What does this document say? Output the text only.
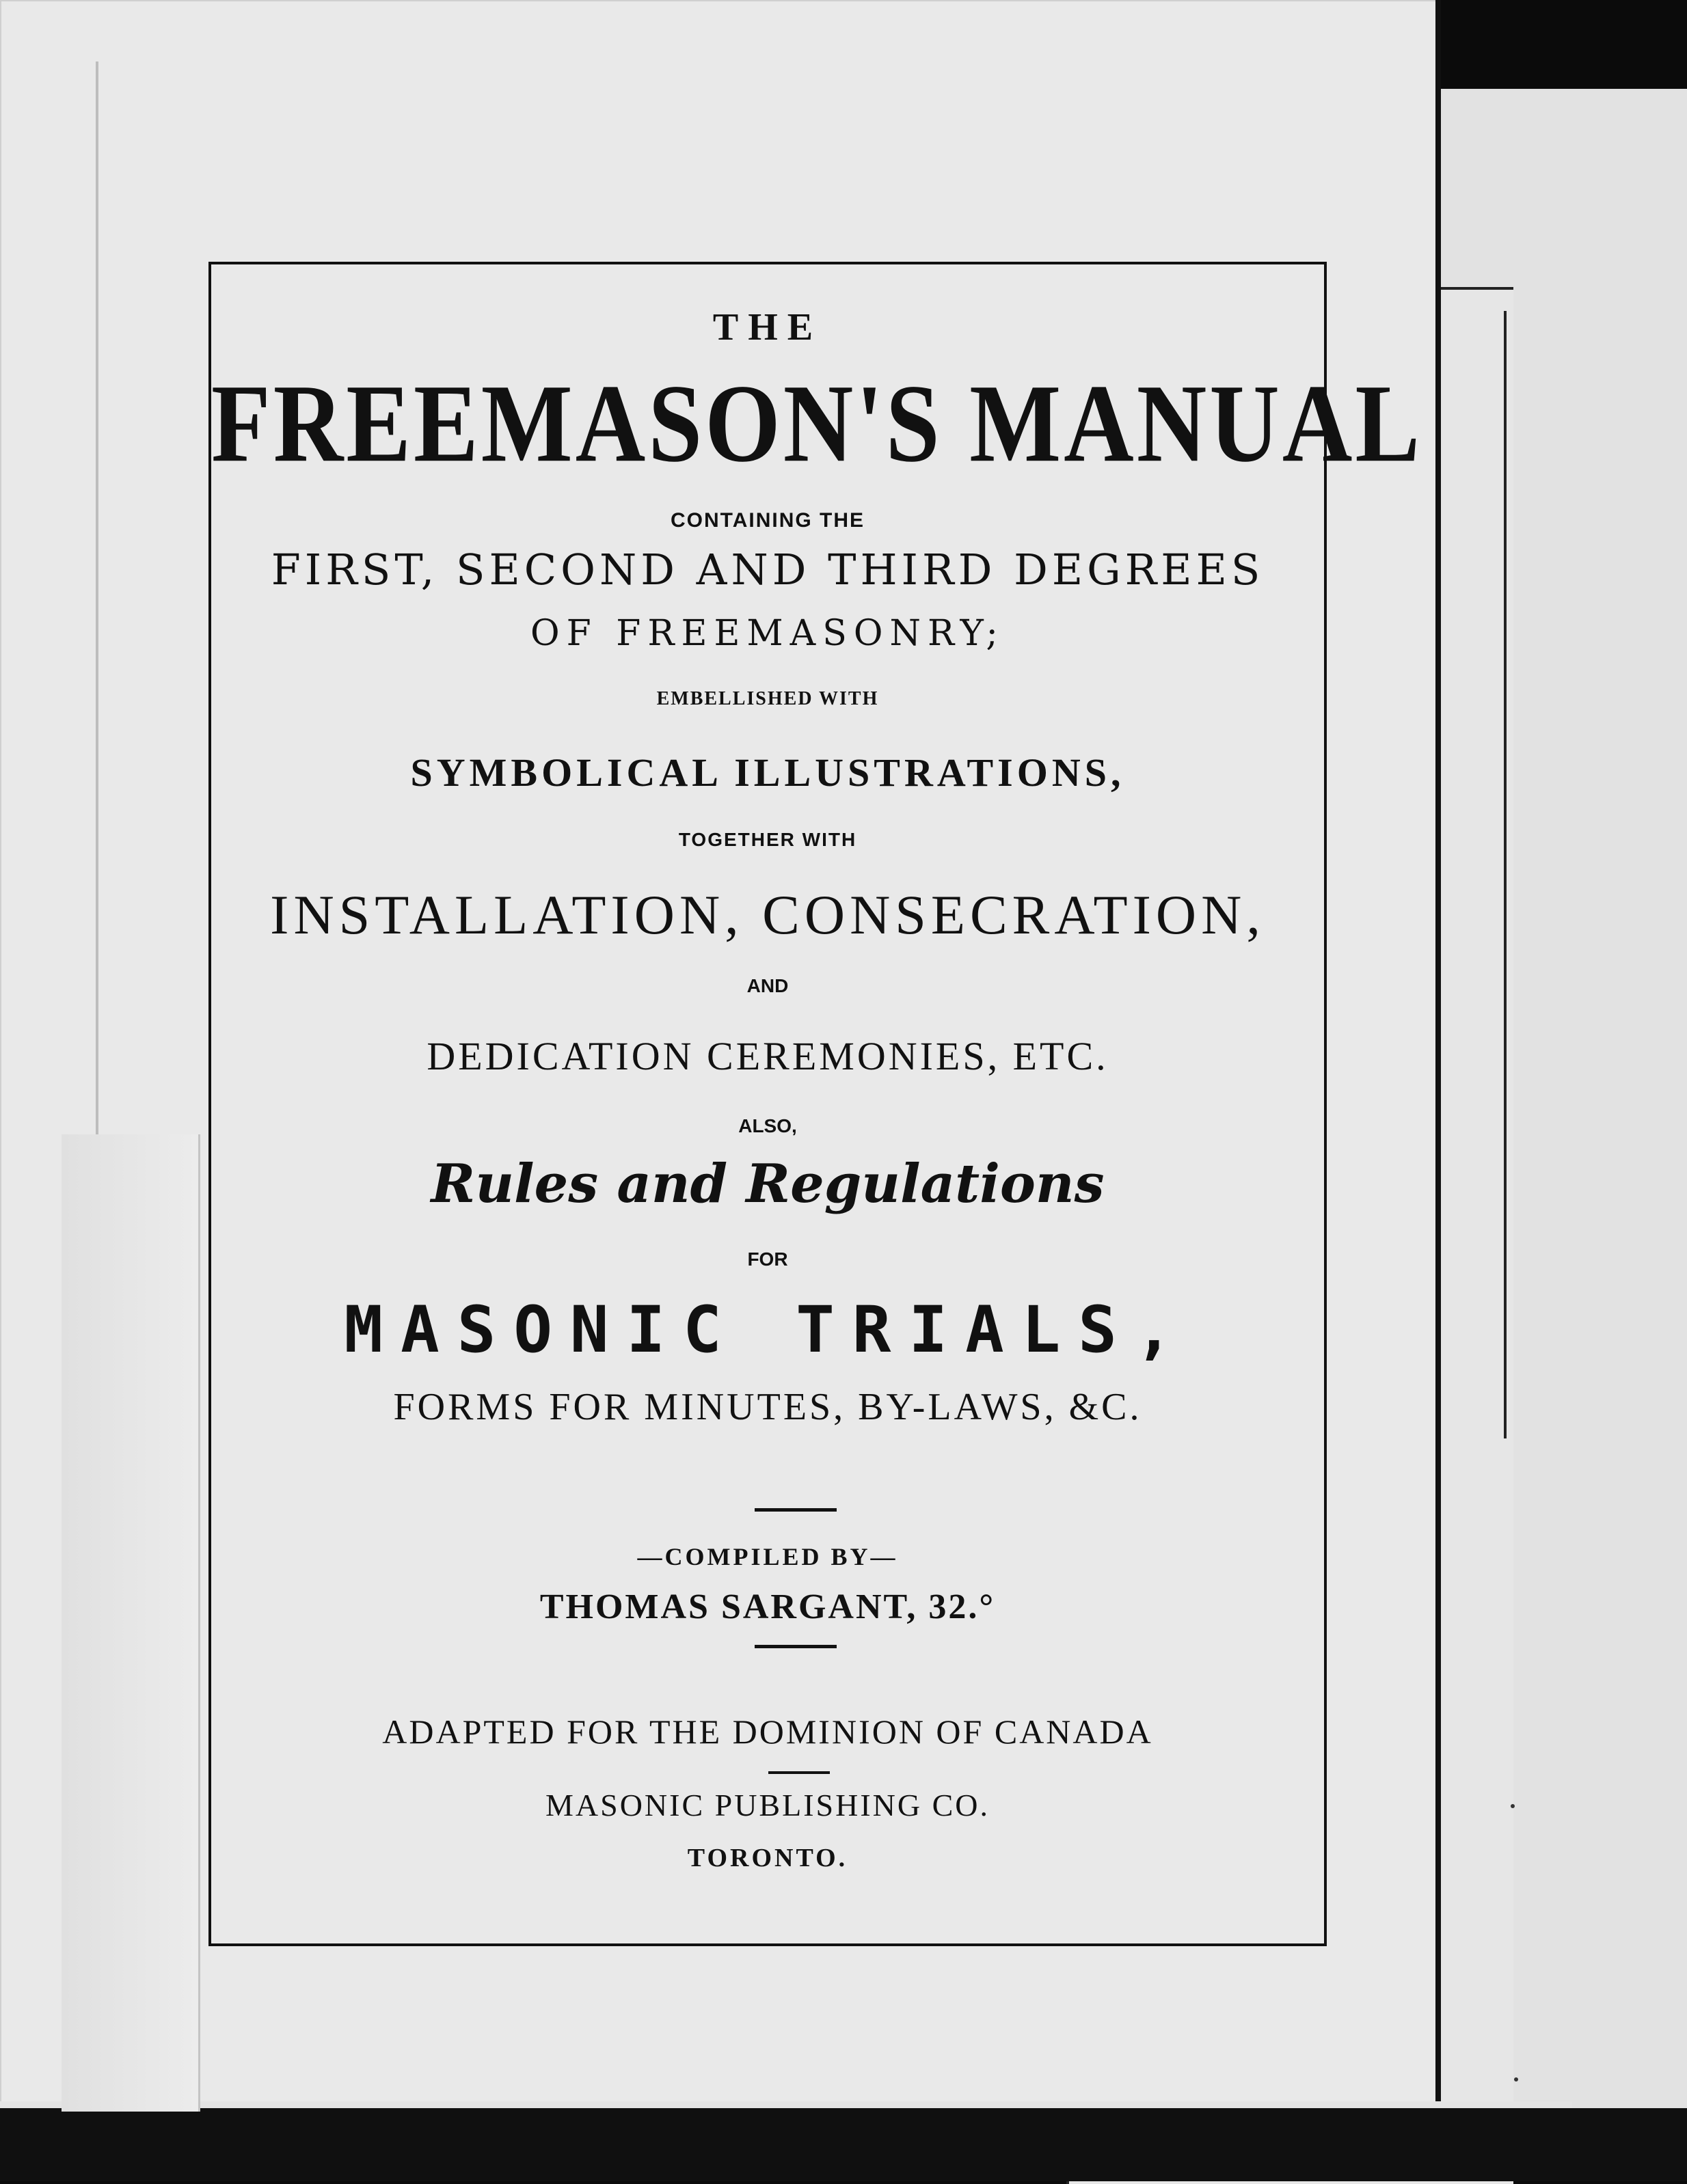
THE
FREEMASON'S MANUAL
CONTAINING THE
FIRST, SECOND AND THIRD DEGREES
OF FREEMASONRY;
EMBELLISHED WITH
SYMBOLICAL ILLUSTRATIONS,
TOGETHER WITH
INSTALLATION, CONSECRATION,
AND
DEDICATION CEREMONIES, ETC.
ALSO,
Rules and Regulations
FOR
MASONIC TRIALS,
FORMS FOR MINUTES, BY-LAWS, &C.
—COMPILED BY—
THOMAS SARGANT, 32.°
ADAPTED FOR THE DOMINION OF CANADA
MASONIC PUBLISHING CO.
TORONTO.
